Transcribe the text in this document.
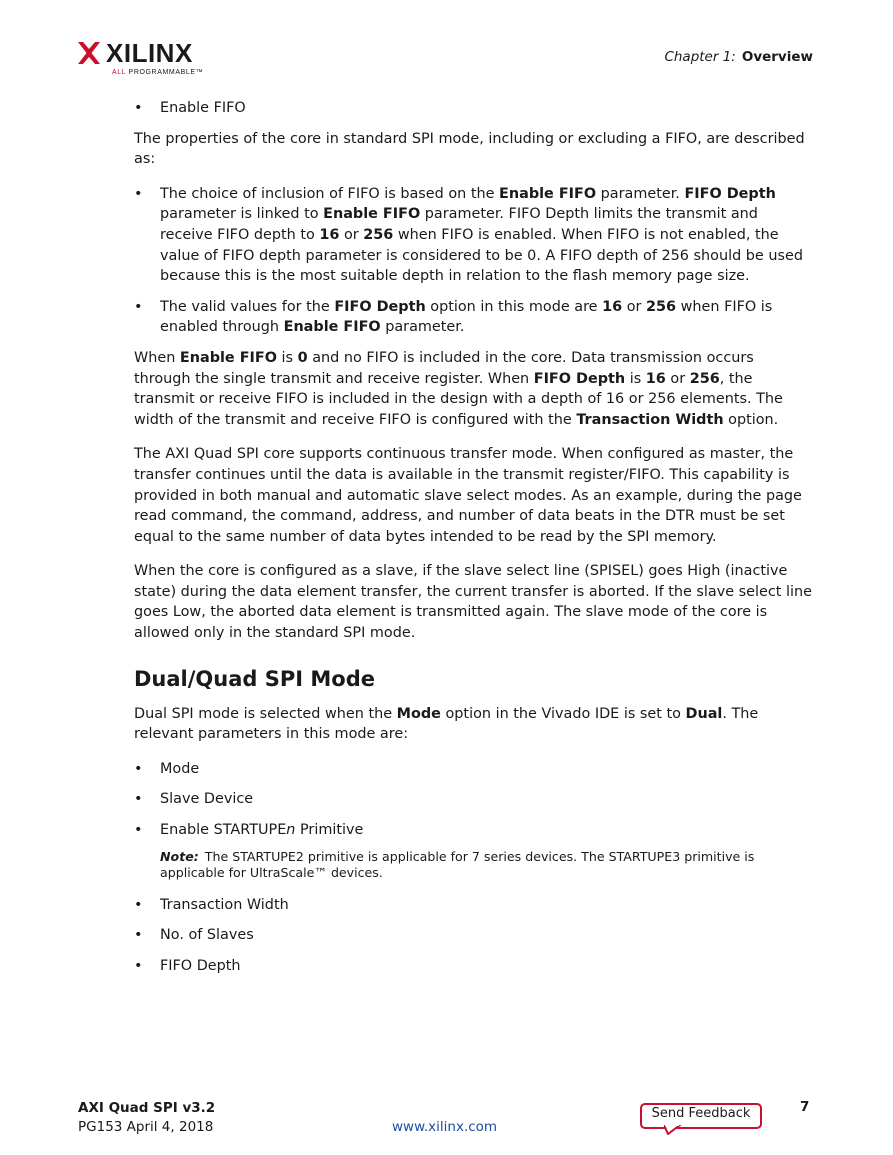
XILINX
ALL PROGRAMMABLE™
Chapter 1: Overview
• Enable FIFO

The properties of the core in standard SPI mode, including or excluding a FIFO, are described as:

• The choice of inclusion of FIFO is based on the Enable FIFO parameter. FIFO Depth parameter is linked to Enable FIFO parameter. FIFO Depth limits the transmit and receive FIFO depth to 16 or 256 when FIFO is enabled. When FIFO is not enabled, the value of FIFO depth parameter is considered to be 0. A FIFO depth of 256 should be used because this is the most suitable depth in relation to the flash memory page size.
• The valid values for the FIFO Depth option in this mode are 16 or 256 when FIFO is enabled through Enable FIFO parameter.

When Enable FIFO is 0 and no FIFO is included in the core. Data transmission occurs through the single transmit and receive register. When FIFO Depth is 16 or 256, the transmit or receive FIFO is included in the design with a depth of 16 or 256 elements. The width of the transmit and receive FIFO is configured with the Transaction Width option.

The AXI Quad SPI core supports continuous transfer mode. When configured as master, the transfer continues until the data is available in the transmit register/FIFO. This capability is provided in both manual and automatic slave select modes. As an example, during the page read command, the command, address, and number of data beats in the DTR must be set equal to the same number of data bytes intended to be read by the SPI memory.

When the core is configured as a slave, if the slave select line (SPISEL) goes High (inactive state) during the data element transfer, the current transfer is aborted. If the slave select line goes Low, the aborted data element is transmitted again. The slave mode of the core is allowed only in the standard SPI mode.

Dual/Quad SPI Mode

Dual SPI mode is selected when the Mode option in the Vivado IDE is set to Dual. The relevant parameters in this mode are:

• Mode
• Slave Device
• Enable STARTUPEn Primitive

Note: The STARTUPE2 primitive is applicable for 7 series devices. The STARTUPE3 primitive is applicable for UltraScale™ devices.

• Transaction Width
• No. of Slaves
• FIFO Depth
AXI Quad SPI v3.2
PG153 April 4, 2018	www.xilinx.com
Send Feedback	7
